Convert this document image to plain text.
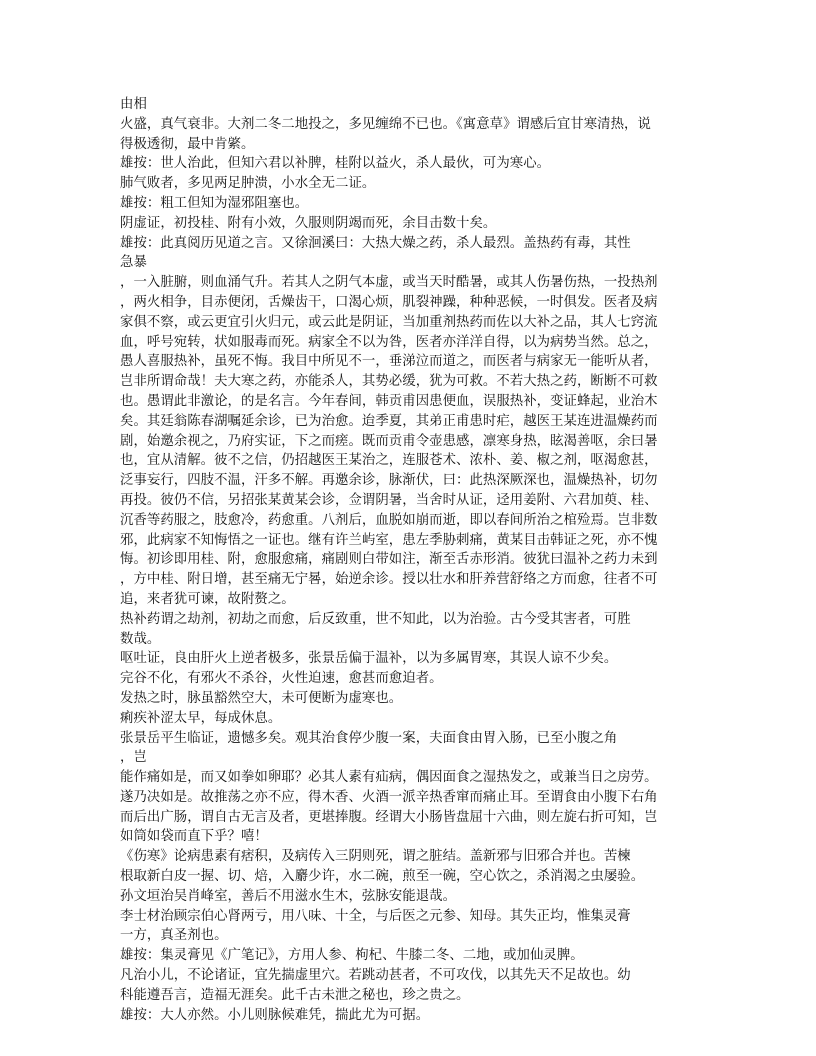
由相
火盛，真气衰非。大剂二冬二地投之，多见缠绵不已也。《寓意草》谓感后宜甘寒清热，说
得极透彻，最中肯綮。
雄按：世人治此，但知六君以补脾，桂附以益火，杀人最伙，可为寒心。
肺气败者，多见两足肿溃，小水全无二证。
雄按：粗工但知为湿邪阻塞也。
阴虚证，初投桂、附有小效，久服则阴竭而死，余目击数十矣。
雄按：此真阅历见道之言。又徐洄溪曰：大热大燥之药，杀人最烈。盖热药有毒，其性
急暴
，一入脏腑，则血涌气升。若其人之阴气本虚，或当天时酷暑，或其人伤暑伤热，一投热剂
，两火相争，目赤便闭，舌燥齿干，口渴心烦，肌裂神躁，种种恶候，一时俱发。医者及病
家俱不察，或云更宜引火归元，或云此是阴证，当加重剂热药而佐以大补之品，其人七窍流
血，呼号宛转，状如服毒而死。病家全不以为咎，医者亦洋洋自得，以为病势当然。总之，
愚人喜服热补，虽死不悔。我目中所见不一，垂涕泣而道之，而医者与病家无一能听从者，
岂非所谓命哉！夫大寒之药，亦能杀人，其势必缓，犹为可救。不若大热之药，断断不可救
也。愚谓此非激论，的是名言。今年春间，韩贡甫因患便血，误服热补，变证蜂起，业治木
矣。其廷翁陈春湖嘱延余诊，已为治愈。迨季夏，其弟正甫患时疟，越医王某连进温燥药而
剧，始邀余视之，乃府实证，下之而瘥。既而贡甫令壶患感，凛寒身热，眩渴善呕，余曰暑
也，宜从清解。彼不之信，仍招越医王某治之，连服苍术、浓朴、姜、椒之剂，呕渴愈甚，
泛事妄行，四肢不温，汗多不解。再邀余诊，脉渐伏，曰：此热深厥深也，温燥热补，切勿
再投。彼仍不信，另招张某黄某会诊，佥谓阴暑，当舍时从证，迳用姜附、六君加萸、桂、
沉香等药服之，肢愈冷，药愈重。八剂后，血脱如崩而逝，即以春间所治之棺殓焉。岂非数
邪，此病家不知悔悟之一证也。继有许兰屿室，患左季胁刺痛，黄某目击韩证之死，亦不愧
悔。初诊即用桂、附，愈服愈痛，痛剧则白带如注，渐至舌赤形消。彼犹曰温补之药力未到
，方中桂、附日增，甚至痛无宁晷，始逆余诊。授以壮水和肝养营舒络之方而愈，往者不可
追，来者犹可谏，故附赘之。
热补药谓之劫剂，初劫之而愈，后反致重，世不知此，以为治验。古今受其害者，可胜
数哉。
呕吐证，良由肝火上逆者极多，张景岳偏于温补，以为多属胃寒，其误人谅不少矣。
完谷不化，有邪火不杀谷，火性迫速，愈甚而愈迫者。
发热之时，脉虽豁然空大，未可便断为虚寒也。
痢疾补涩太早，每成休息。
张景岳平生临证，遗憾多矣。观其治食停少腹一案，夫面食由胃入肠，已至小腹之角
，岂
能作痛如是，而又如拳如卵耶？必其人素有疝病，偶因面食之湿热发之，或兼当日之房劳。
遂乃决如是。故推荡之亦不应，得木香、火酒一派辛热香窜而痛止耳。至谓食由小腹下右角
而后出广肠，谓自古无言及者，更堪捧腹。经谓大小肠皆盘屈十六曲，则左旋右折可知，岂
如筒如袋而直下乎？嘻！
《伤寒》论病患素有痞积，及病传入三阴则死，谓之脏结。盖新邪与旧邪合并也。苦楝
根取新白皮一握、切、焙，入麝少许，水二碗，煎至一碗，空心饮之，杀消渴之虫屡验。
孙文垣治吴肖峰室，善后不用滋水生木，弦脉安能退哉。
李士材治顾宗伯心肾两亏，用八味、十全，与后医之元参、知母。其失正均，惟集灵膏
一方，真圣剂也。
雄按：集灵膏见《广笔记》，方用人参、枸杞、牛膝二冬、二地，或加仙灵脾。
凡治小儿，不论诸证，宜先揣虚里穴。若跳动甚者，不可攻伐，以其先天不足故也。幼
科能遵吾言，造福无涯矣。此千古未泄之秘也，珍之贵之。
雄按：大人亦然。小儿则脉候难凭，揣此尤为可据。
